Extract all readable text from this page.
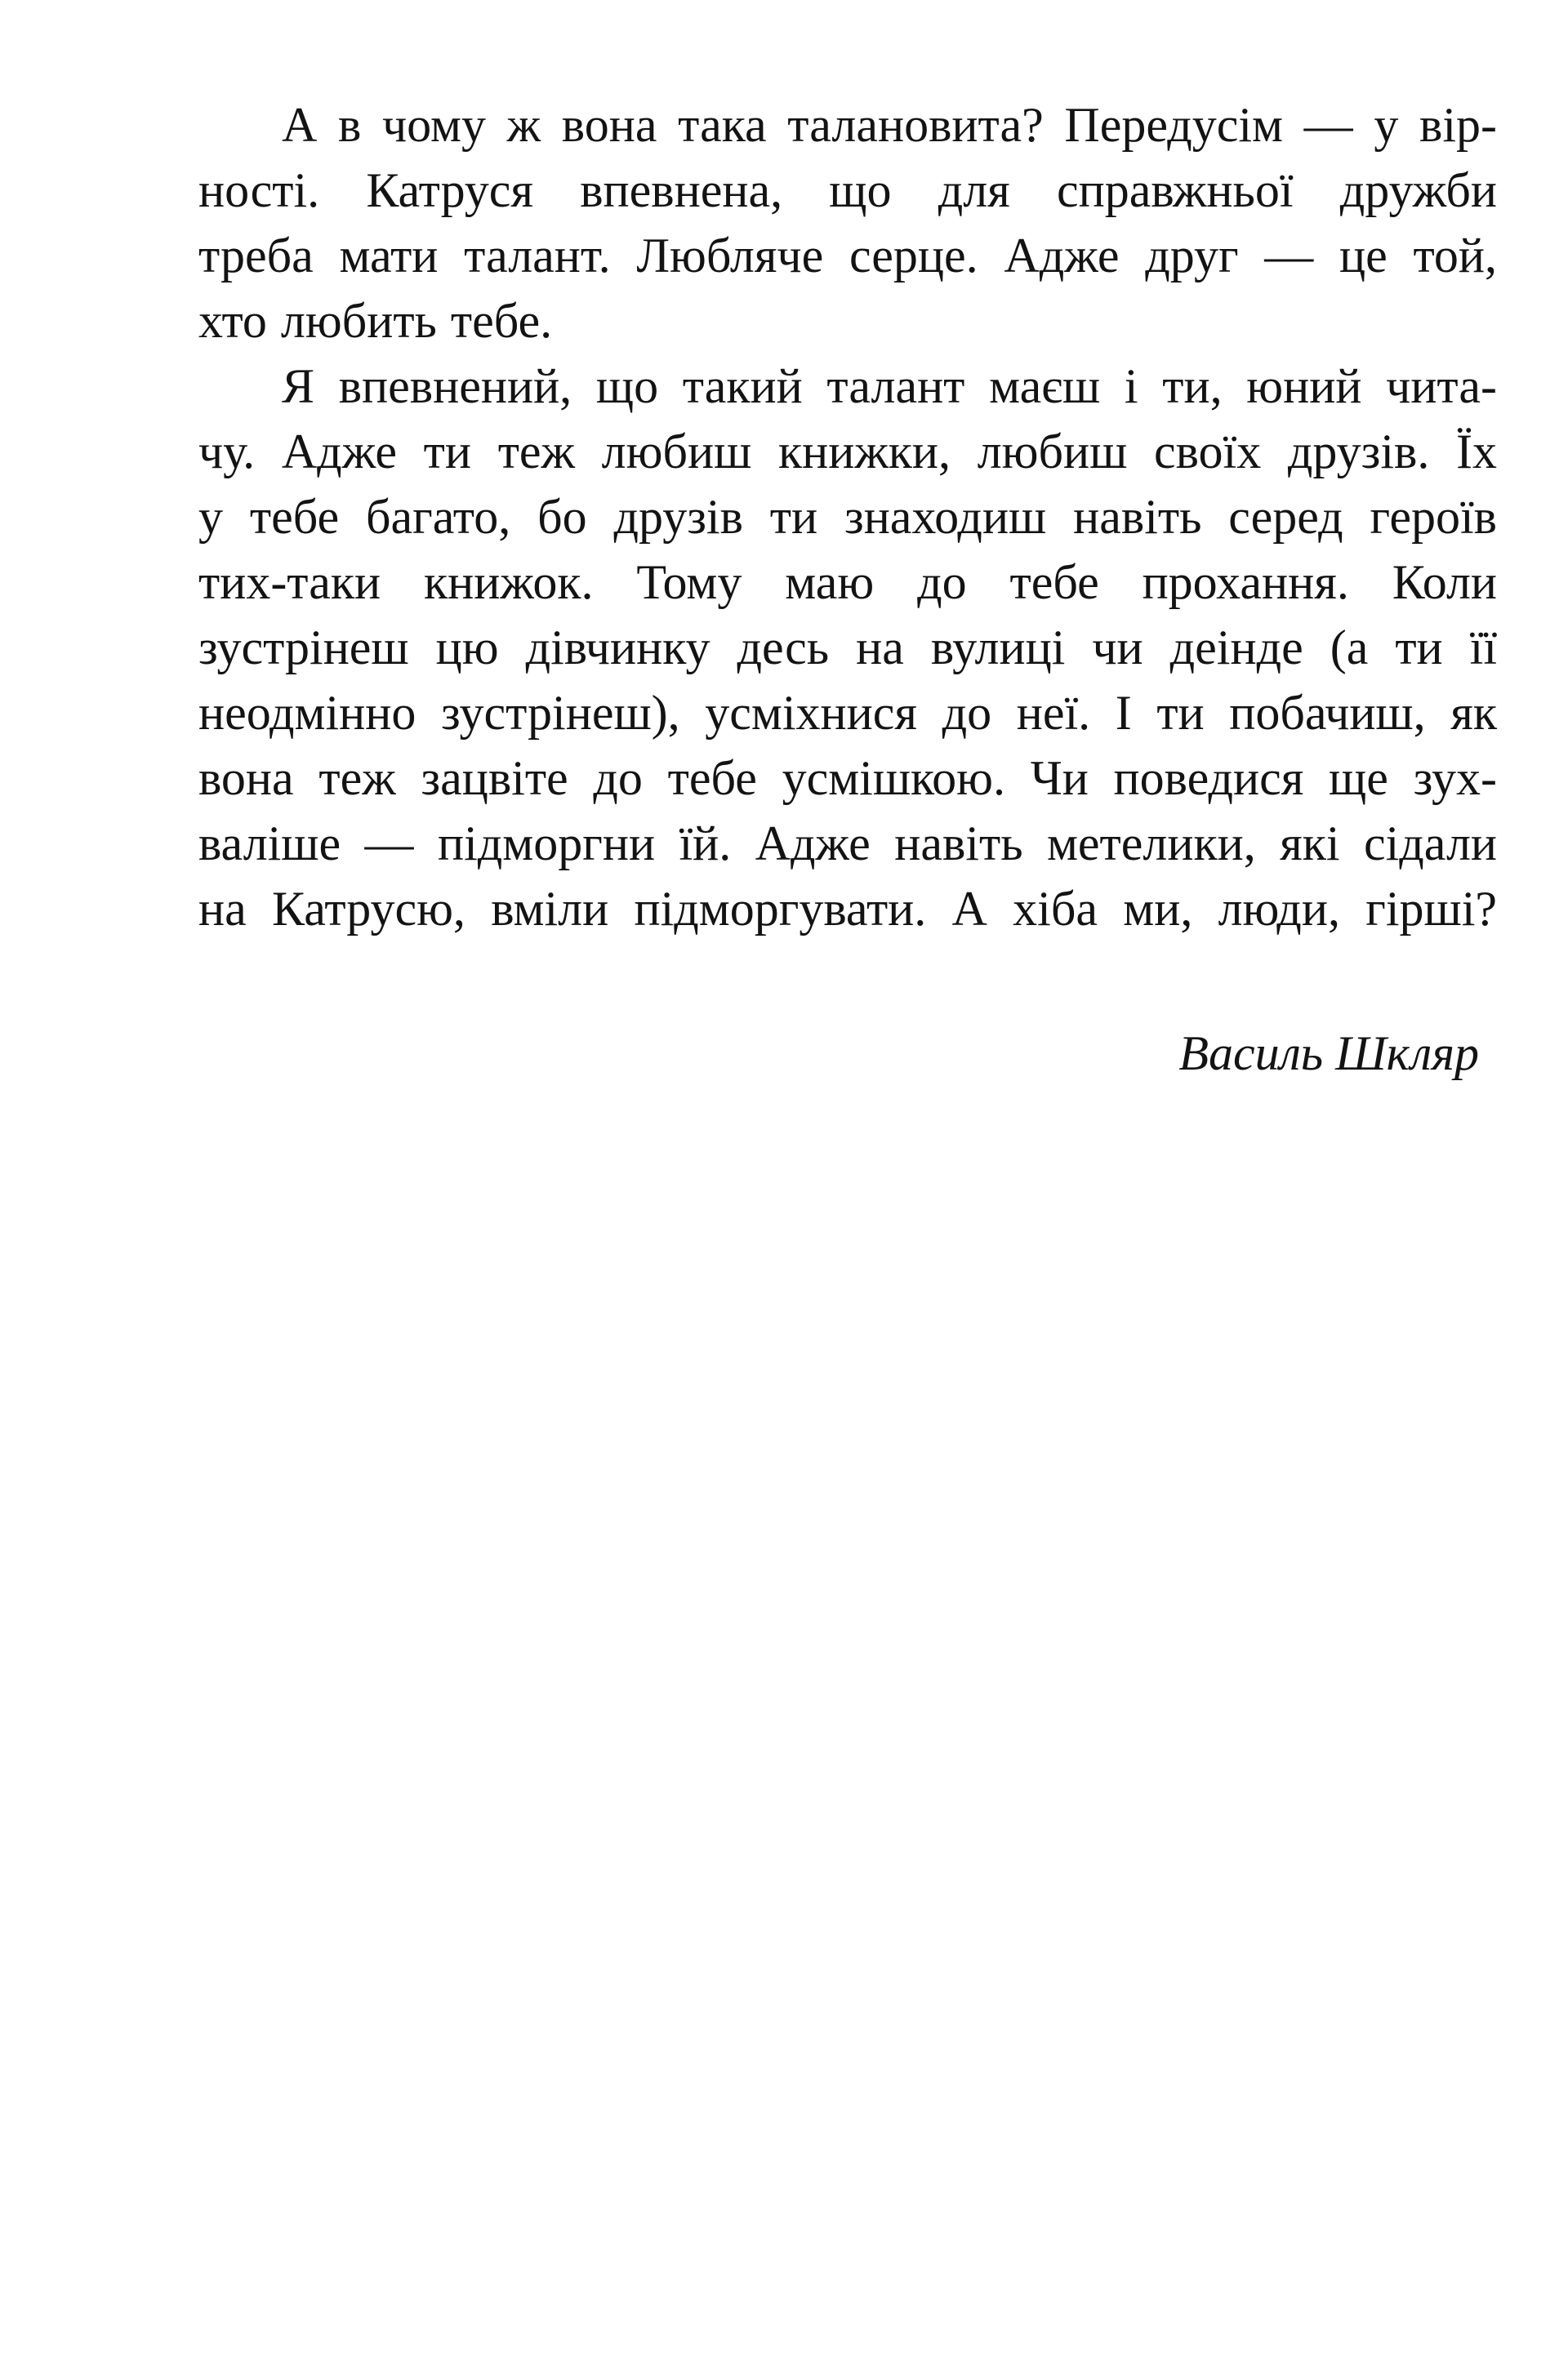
А в чому ж вона така талановита? Передусім — у вір-
ності. Катруся впевнена, що для справжньої дружби
треба мати талант. Любляче серце. Адже друг — це той,
хто любить тебе.
Я впевнений, що такий талант маєш і ти, юний чита-
чу. Адже ти теж любиш книжки, любиш своїх друзів. Їх
у тебе багато, бо друзів ти знаходиш навіть серед героїв
тих-таки книжок. Тому маю до тебе прохання. Коли
зустрінеш цю дівчинку десь на вулиці чи деінде (а ти її
неодмінно зустрінеш), усміхнися до неї. І ти побачиш, як
вона теж зацвіте до тебе усмішкою. Чи поведися ще зух-
валіше — підморгни їй. Адже навіть метелики, які сідали
на Катрусю, вміли підморгувати. А хіба ми, люди, гірші?
Василь Шкляр
